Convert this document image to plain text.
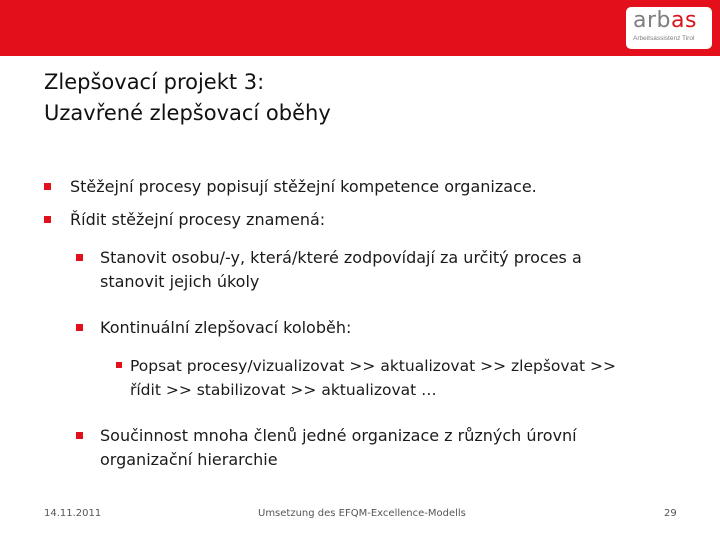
arbas
Arbeitsassistenz Tirol
Zlepšovací projekt 3:
Uzavřené zlepšovací oběhy
Stěžejní procesy popisují stěžejní kompetence organizace.
Řídit stěžejní procesy znamená:
Stanovit osobu/-y, která/které zodpovídají za určitý proces a
stanovit jejich úkoly
Kontinuální zlepšovací koloběh:
Popsat procesy/vizualizovat >> aktualizovat >> zlepšovat >>
řídit >> stabilizovat >> aktualizovat …
Součinnost mnoha členů jedné organizace z různých úrovní
organizační hierarchie
14.11.2011	Umsetzung des EFQM-Excellence-Modells	29
